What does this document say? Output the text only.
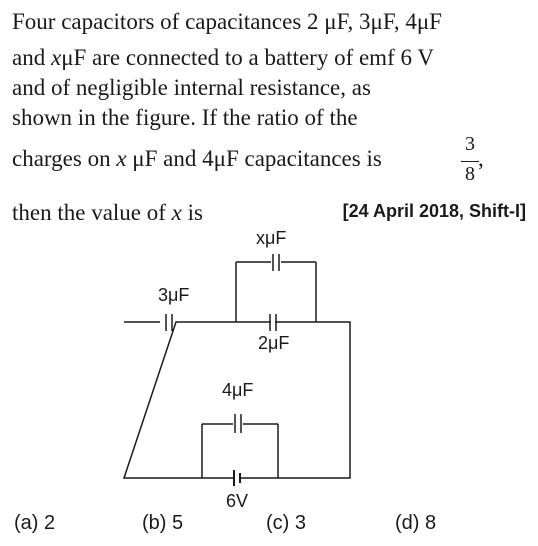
Four capacitors of capacitances 2 μF, 3μF, 4μF
and xμF are connected to a battery of emf 6 V
and of negligible internal resistance, as
shown in the figure. If the ratio of the
charges on x μF and 4μF capacitances is
3
8
,
then the value of x is	[24 April 2018, Shift-I]
xμF
3μF
2μF
4μF
6V
(a) 2	(b) 5	(c) 3	(d) 8
